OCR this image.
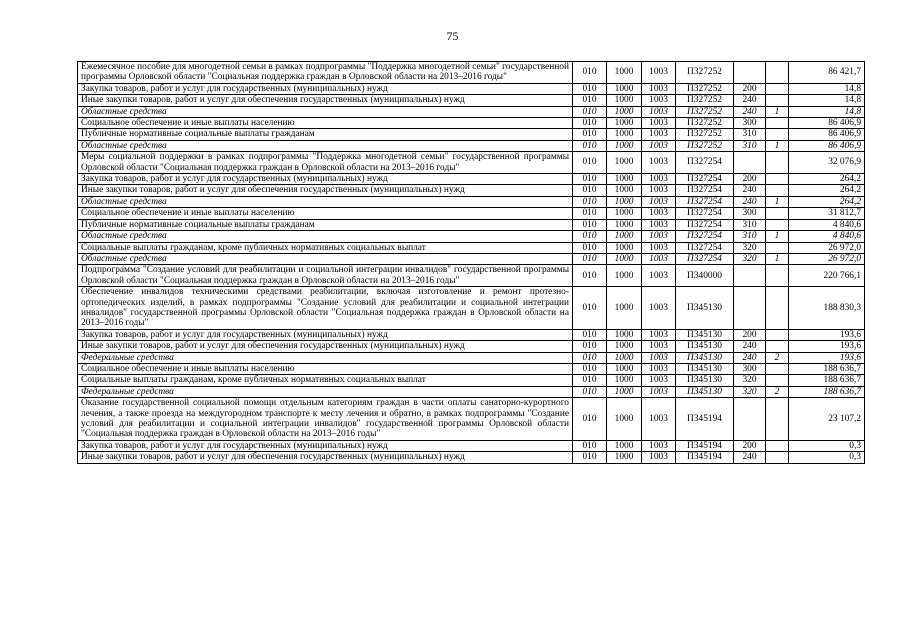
75
Ежемесячное пособие для многодетной семьи в рамках подпрограммы "Поддержка многодетной семьи" государственной программы Орловской области "Социальная поддержка граждан в Орловской области на 2013–2016 годы"	010	1000	1003	П327252			86 421,7
Закупка товаров, работ и услуг для государственных (муниципальных) нужд	010	1000	1003	П327252	200		14,8
Иные закупки товаров, работ и услуг для обеспечения государственных (муниципальных) нужд	010	1000	1003	П327252	240		14,8
Областные средства	010	1000	1003	П327252	240	1	14,8
Социальное обеспечение и иные выплаты населению	010	1000	1003	П327252	300		86 406,9
Публичные нормативные социальные выплаты гражданам	010	1000	1003	П327252	310		86 406,9
Областные средства	010	1000	1003	П327252	310	1	86 406,9
Меры социальной поддержки в рамках подпрограммы "Поддержка многодетной семьи" государственной программы Орловской области "Социальная поддержка граждан в Орловской области на 2013–2016 годы"	010	1000	1003	П327254			32 076,9
Закупка товаров, работ и услуг для государственных (муниципальных) нужд	010	1000	1003	П327254	200		264,2
Иные закупки товаров, работ и услуг для обеспечения государственных (муниципальных) нужд	010	1000	1003	П327254	240		264,2
Областные средства	010	1000	1003	П327254	240	1	264,2
Социальное обеспечение и иные выплаты населению	010	1000	1003	П327254	300		31 812,7
Публичные нормативные социальные выплаты гражданам	010	1000	1003	П327254	310		4 840,6
Областные средства	010	1000	1003	П327254	310	1	4 840,6
Социальные выплаты гражданам, кроме публичных нормативных социальных выплат	010	1000	1003	П327254	320		26 972,0
Областные средства	010	1000	1003	П327254	320	1	26 972,0
Подпрограмма "Создание условий для реабилитации и социальной интеграции инвалидов" государственной программы Орловской области "Социальная поддержка граждан в Орловской области на 2013–2016 годы"	010	1000	1003	П340000			220 766,1
Обеспечение инвалидов техническими средствами реабилитации, включая изготовление и ремонт протезно-ортопедических изделий, в рамках подпрограммы "Создание условий для реабилитации и социальной интеграции инвалидов" государственной программы Орловской области "Социальная поддержка граждан в Орловской области на 2013–2016 годы"	010	1000	1003	П345130			188 830,3
Закупка товаров, работ и услуг для государственных (муниципальных) нужд	010	1000	1003	П345130	200		193,6
Иные закупки товаров, работ и услуг для обеспечения государственных (муниципальных) нужд	010	1000	1003	П345130	240		193,6
Федеральные средства	010	1000	1003	П345130	240	2	193,6
Социальное обеспечение и иные выплаты населению	010	1000	1003	П345130	300		188 636,7
Социальные выплаты гражданам, кроме публичных нормативных социальных выплат	010	1000	1003	П345130	320		188 636,7
Федеральные средства	010	1000	1003	П345130	320	2	188 636,7
Оказание государственной социальной помощи отдельным категориям граждан в части оплаты санаторно-курортного лечения, а также проезда на междугородном транспорте к месту лечения и обратно, в рамках подпрограммы "Создание условий для реабилитации и социальной интеграции инвалидов" государственной программы Орловской области "Социальная поддержка граждан в Орловской области на 2013–2016 годы"	010	1000	1003	П345194			23 107,2
Закупка товаров, работ и услуг для государственных (муниципальных) нужд	010	1000	1003	П345194	200		0,3
Иные закупки товаров, работ и услуг для обеспечения государственных (муниципальных) нужд	010	1000	1003	П345194	240		0,3
